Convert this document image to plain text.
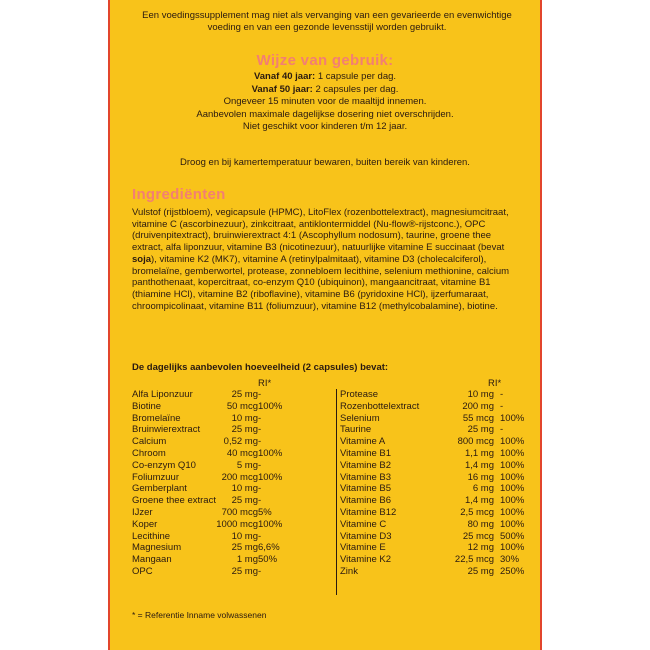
Een voedingssupplement mag niet als vervanging van een gevarieerde en evenwichtige voeding en van een gezonde levensstijl worden gebruikt.
Wijze van gebruik:
Vanaf 40 jaar: 1 capsule per dag.
Vanaf 50 jaar: 2 capsules per dag.
Ongeveer 15 minuten voor de maaltijd innemen.
Aanbevolen maximale dagelijkse dosering niet overschrijden.
Niet geschikt voor kinderen t/m 12 jaar.
Droog en bij kamertemperatuur bewaren, buiten bereik van kinderen.
Ingrediënten
Vulstof (rijstbloem), vegicapsule (HPMC), LitoFlex (rozenbottelextract), magnesiumcitraat, vitamine C (ascorbinezuur), zinkcitraat, antiklontermiddel (Nu-flow®-rijstconc.), OPC (druivenpitextract), bruinwierextract 4:1 (Ascophyllum nodosum), taurine, groene thee extract, alfa liponzuur, vitamine B3 (nicotinezuur), natuurlijke vitamine E succinaat (bevat soja), vitamine K2 (MK7), vitamine A (retinylpalmitaat), vitamine D3 (cholecalciferol), bromelaïne, gemberwortel, protease, zonnebloem lecithine, selenium methionine, calcium panthothenaat, kopercitraat, co-enzym Q10 (ubiquinon), mangaancitraat, vitamine B1 (thiamine HCl), vitamine B2 (riboflavine), vitamine B6 (pyridoxine HCl), ijzerfumaraat, chroompicolinaat, vitamine B11 (foliumzuur), vitamine B12 (methylcobalamine), biotine.
De dagelijks aanbevolen hoeveelheid (2 capsules) bevat:
RI*
Alfa Liponzuur	25 mg -
Biotine	50 mcg 100%
Bromelaïne	10 mg -
Bruinwierextract	25 mg -
Calcium	0,52 mg -
Chroom	40 mcg 100%
Co-enzym Q10	5 mg -
Foliumzuur	200 mcg 100%
Gemberplant	10 mg -
Groene thee extract 25 mg -
IJzer	700 mcg 5%
Koper	1000 mcg 100%
Lecithine	10 mg -
Magnesium	25 mg 6,6%
Mangaan	1 mg 50%
OPC	25 mg -
RI*
Protease	10 mg -
Rozenbottelextract	200 mg -
Selenium	55 mcg 100%
Taurine	25 mg -
Vitamine A	800 mcg 100%
Vitamine B1	1,1 mg 100%
Vitamine B2	1,4 mg 100%
Vitamine B3	16 mg 100%
Vitamine B5	6 mg 100%
Vitamine B6	1,4 mg 100%
Vitamine B12	2,5 mcg 100%
Vitamine C	80 mg 100%
Vitamine D3	25 mcg 500%
Vitamine E	12 mg 100%
Vitamine K2	22,5 mcg 30%
Zink	25 mg 250%
* = Referentie Inname volwassenen
